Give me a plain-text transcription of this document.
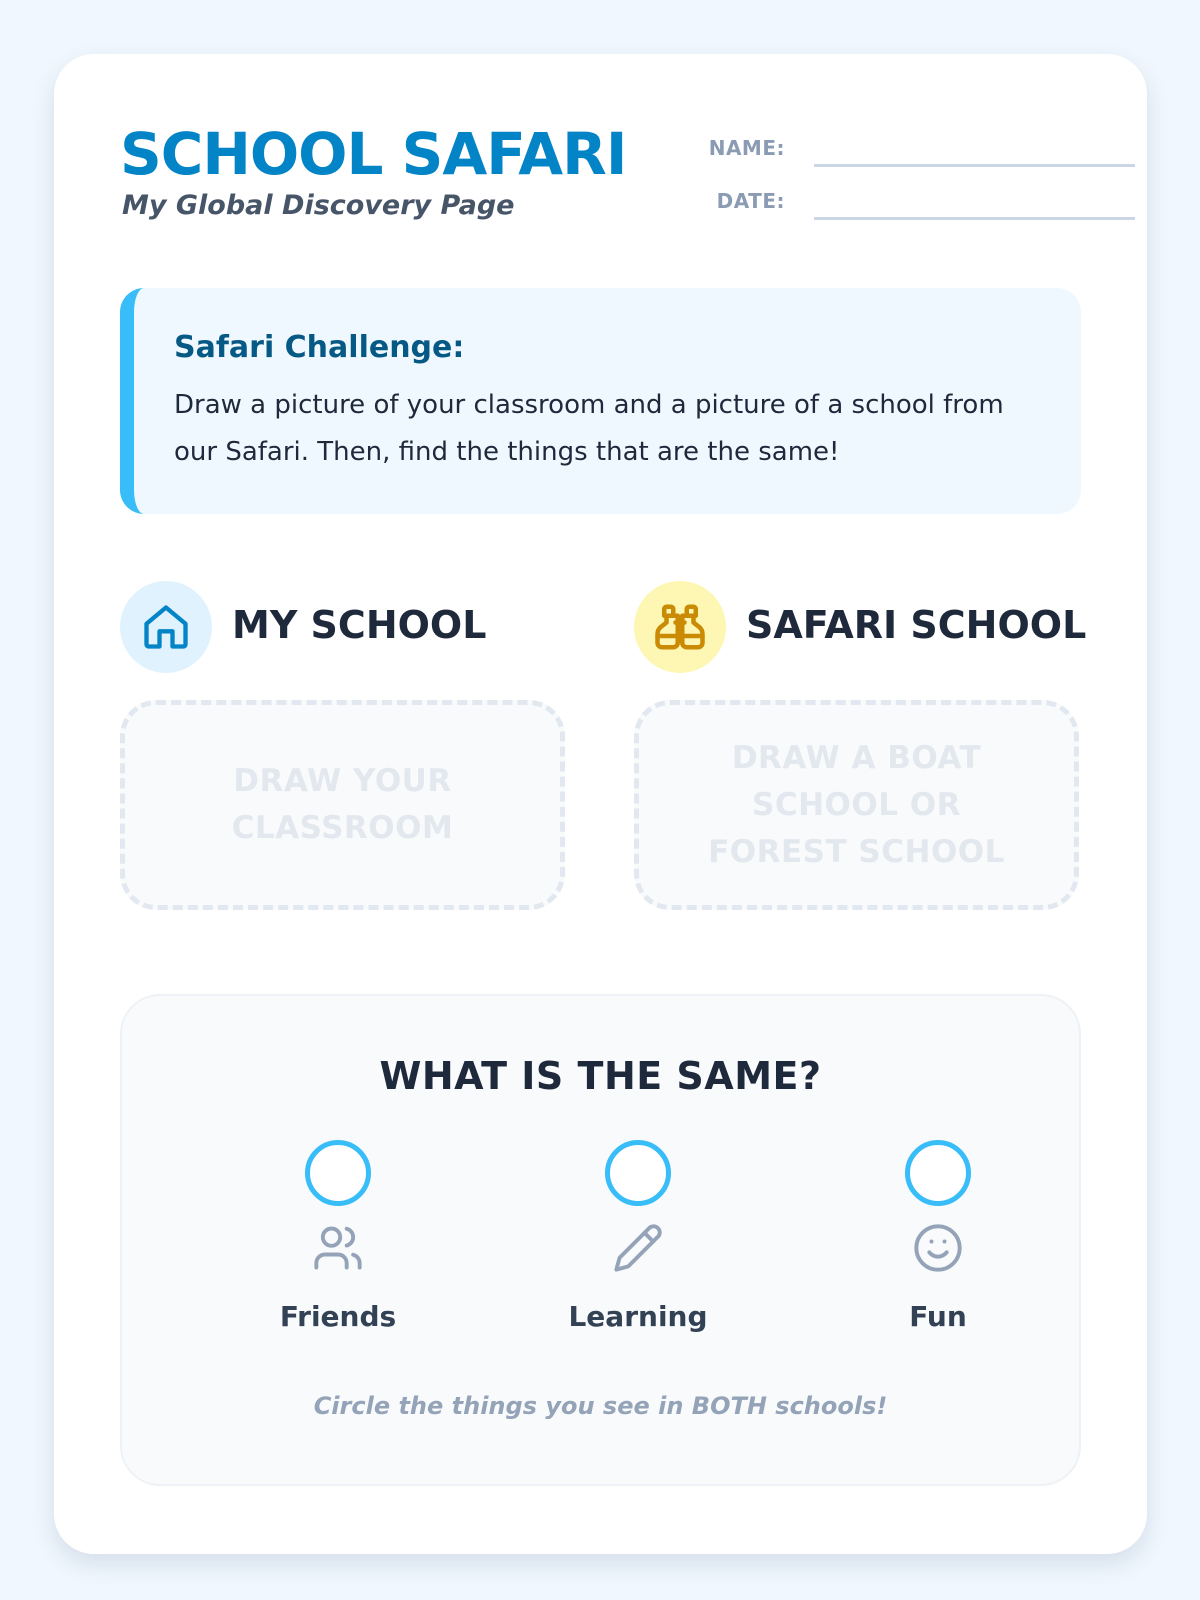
SCHOOL SAFARI
My Global Discovery Page
NAME:
DATE:
Safari Challenge:
Draw a picture of your classroom and a picture of a school from our Safari. Then, find the things that are the same!
MY SCHOOL	SAFARI SCHOOL
DRAW YOUR CLASSROOM
DRAW A BOAT SCHOOL OR FOREST SCHOOL
WHAT IS THE SAME?
Friends	Learning	Fun
Circle the things you see in BOTH schools!
